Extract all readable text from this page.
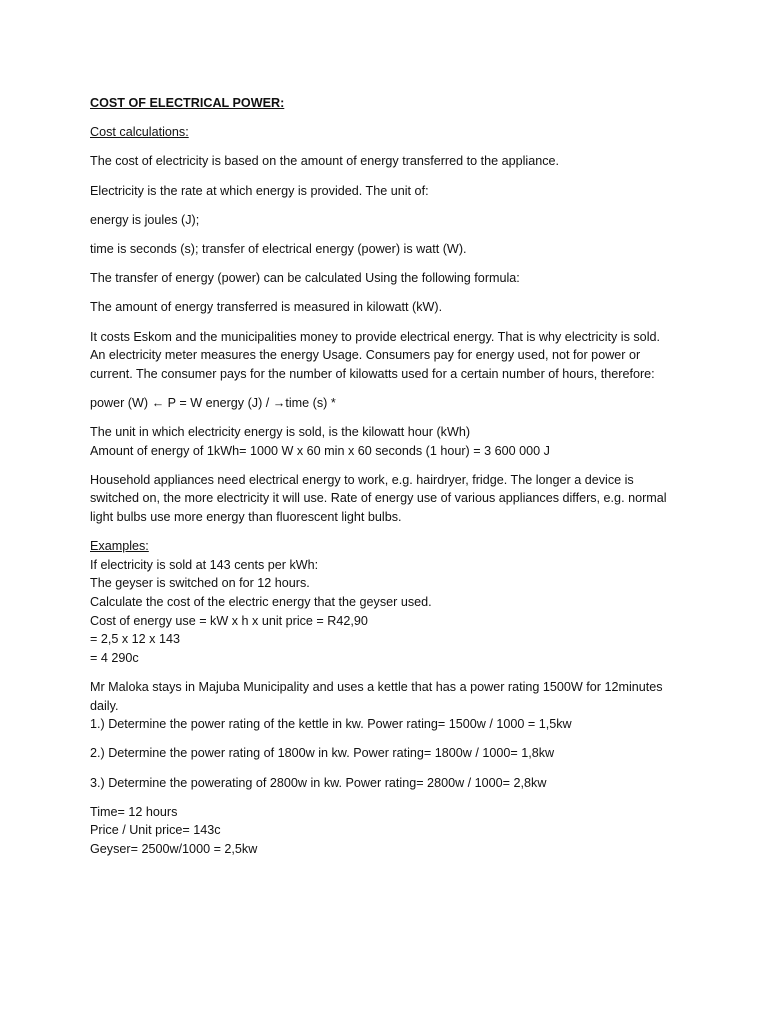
COST OF ELECTRICAL POWER:

Cost calculations:

The cost of electricity is based on the amount of energy transferred to the appliance.

Electricity is the rate at which energy is provided. The unit of:

energy is joules (J);

time is seconds (s); transfer of electrical energy (power) is watt (W).

The transfer of energy (power) can be calculated Using the following formula:

The amount of energy transferred is measured in kilowatt (kW).

It costs Eskom and the municipalities money to provide electrical energy. That is why electricity is sold.
An electricity meter measures the energy Usage. Consumers pay for energy used, not for power or
current. The consumer pays for the number of kilowatts used for a certain number of hours, therefore:

power (W) ← P = W energy (J) / →time (s) *

The unit in which electricity energy is sold, is the kilowatt hour (kWh)
Amount of energy of 1kWh= 1000 W x 60 min x 60 seconds (1 hour) = 3 600 000 J

Household appliances need electrical energy to work, e.g. hairdryer, fridge. The longer a device is
switched on, the more electricity it will use. Rate of energy use of various appliances differs, e.g. normal
light bulbs use more energy than fluorescent light bulbs.

Examples:
If electricity is sold at 143 cents per kWh:
The geyser is switched on for 12 hours.
Calculate the cost of the electric energy that the geyser used.
Cost of energy use = kW x h x unit price = R42,90
= 2,5 x 12 x 143
= 4 290c

Mr Maloka stays in Majuba Municipality and uses a kettle that has a power rating 1500W for 12minutes
daily.
1.) Determine the power rating of the kettle in kw. Power rating= 1500w / 1000 = 1,5kw

2.) Determine the power rating of 1800w in kw. Power rating= 1800w / 1000= 1,8kw

3.) Determine the powerating of 2800w in kw. Power rating= 2800w / 1000= 2,8kw

Time= 12 hours
Price / Unit price= 143c
Geyser= 2500w/1000 = 2,5kw
